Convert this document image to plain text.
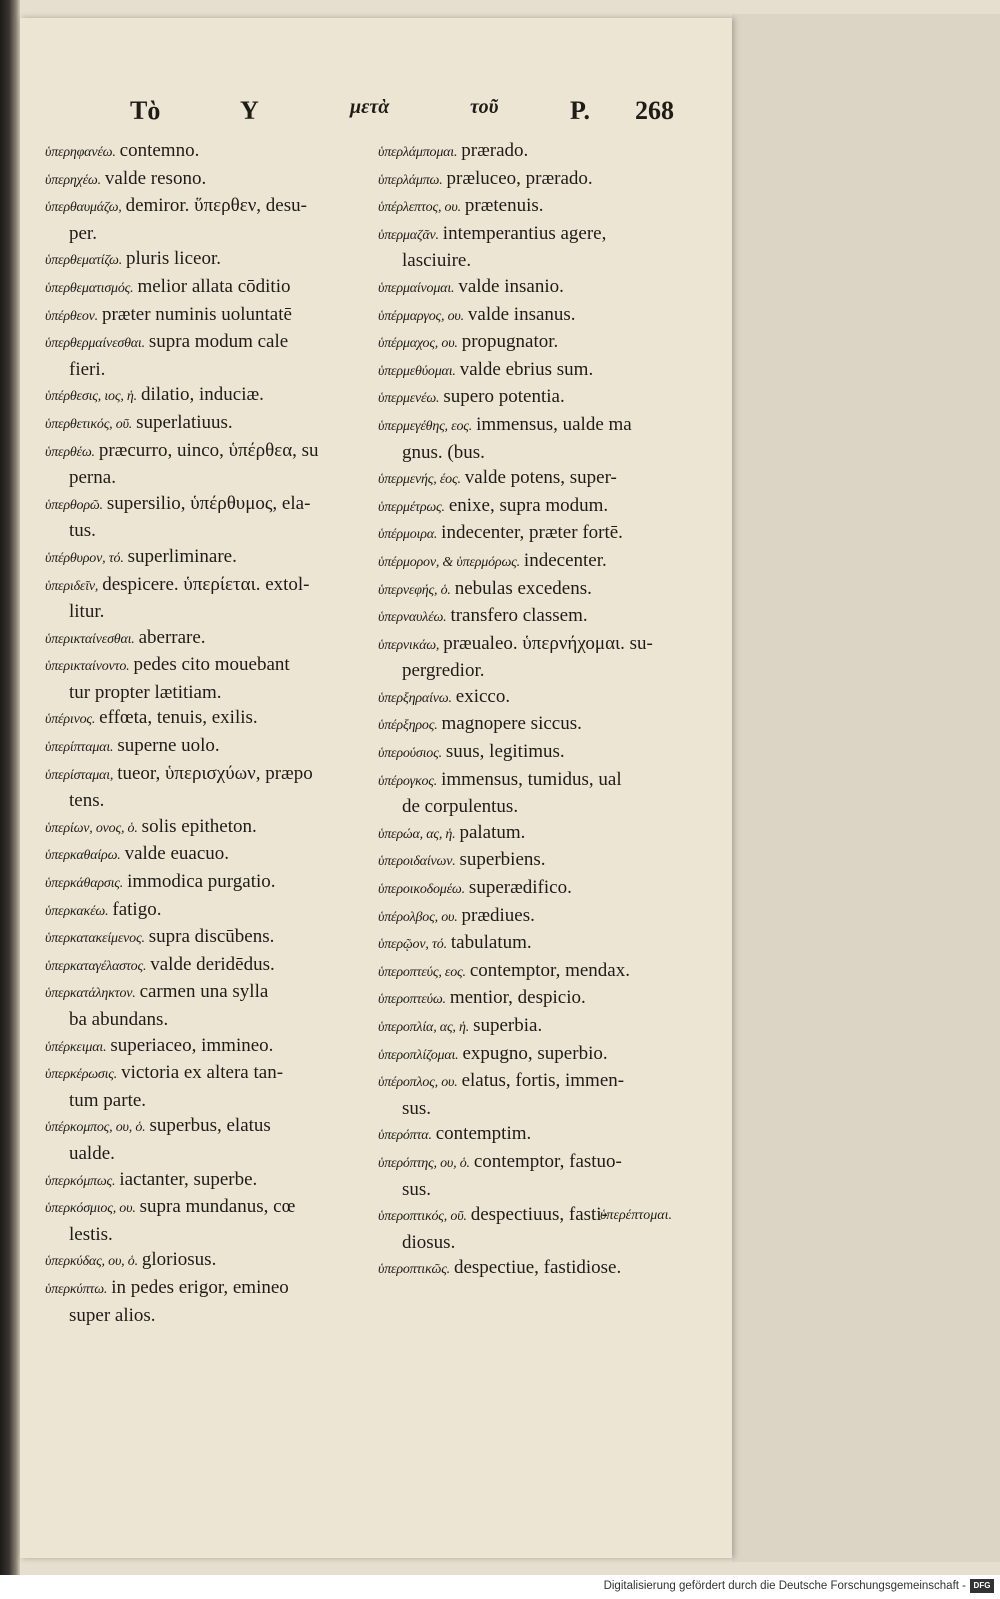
Τὸ	Υ	μετὰ	τοῦ	Ρ. 268
ὑπερηφανέω. contemno.
ὑπερηχέω. valde resono.
ὑπερθαυμάζω, demiror. ὕπερθεν, desu-
per.
ὑπερθεματίζω. pluris liceor.
ὑπερθεματισμός. melior allata cōditio
ὑπέρθεον. præter numinis uoluntatē
ὑπερθερμαίνεσθαι. supra modum cale
fieri.
ὑπέρθεσις, ιος, ἡ. dilatio, induciæ.
ὑπερθετικός, οῦ. superlatiuus.
ὑπερθέω. præcurro, uinco, ὑπέρθεα, su
perna.
ὑπερθορῶ. supersilio, ὑπέρθυμος, ela-
tus.
ὑπέρθυρον, τό. superliminare.
ὑπεριδεῖν, despicere. ὑπερίεται. extol-
litur.
ὑπερικταίνεσθαι. aberrare.
ὑπερικταίνοντο. pedes cito mouebant
tur propter lætitiam.
ὑπέρινος. effœta, tenuis, exilis.
ὑπερίπταμαι. superne uolo.
ὑπερίσταμαι, tueor, ὑπερισχύων, præpo
tens.
ὑπερίων, ονος, ὁ. solis epitheton.
ὑπερκαθαίρω. valde euacuo.
ὑπερκάθαρσις. immodica purgatio.
ὑπερκακέω. fatigo.
ὑπερκατακείμενος. supra discūbens.
ὑπερκαταγέλαστος. valde deridēdus.
ὑπερκατάληκτον. carmen una sylla
ba abundans.
ὑπέρκειμαι. superiaceo, immineo.
ὑπερκέρωσις. victoria ex altera tan-
tum parte.
ὑπέρκομπος, ου, ὁ. superbus, elatus
ualde.
ὑπερκόμπως. iactanter, superbe.
ὑπερκόσμιος, ου. supra mundanus, cœ
lestis.
ὑπερκύδας, ου, ὁ. gloriosus.
ὑπερκύπτω. in pedes erigor, emineo
super alios.
ὑπερλάμπομαι. prærado.
ὑπερλάμπω. præluceo, prærado.
ὑπέρλεπτος, ου. prætenuis.
ὑπερμαζᾶν. intemperantius agere,
lasciuire.
ὑπερμαίνομαι. valde insanio.
ὑπέρμαργος, ου. valde insanus.
ὑπέρμαχος, ου. propugnator.
ὑπερμεθύομαι. valde ebrius sum.
ὑπερμενέω. supero potentia.
ὑπερμεγέθης, εος. immensus, ualde ma
gnus. (bus.
ὑπερμενής, έος. valde potens, super-
ὑπερμέτρως. enixe, supra modum.
ὑπέρμοιρα. indecenter, præter fortē.
ὑπέρμορον, & ὑπερμόρως. indecenter.
ὑπερνεφής, ὁ. nebulas excedens.
ὑπερναυλέω. transfero classem.
ὑπερνικάω, præualeo. ὑπερνήχομαι. su-
pergredior.
ὑπερξηραίνω. exicco.
ὑπέρξηρος. magnopere siccus.
ὑπερούσιος. suus, legitimus.
ὑπέρογκος. immensus, tumidus, ual
de corpulentus.
ὑπερώα, ας, ἡ. palatum.
ὑπεροιδαίνων. superbiens.
ὑπεροικοδομέω. superædifico.
ὑπέρολβος, ου. prædiues.
ὑπερῷον, τό. tabulatum.
ὑπεροπτεύς, εος. contemptor, mendax.
ὑπεροπτεύω. mentior, despicio.
ὑπεροπλία, ας, ἡ. superbia.
ὑπεροπλίζομαι. expugno, superbio.
ὑπέροπλος, ου. elatus, fortis, immen-
sus.
ὑπερόπτα. contemptim.
ὑπερόπτης, ου, ὁ. contemptor, fastuo-
sus.
ὑπεροπτικός, οῦ. despectiuus, fasti-
diosus.
ὑπεροπτικῶς. despectiue, fastidiose.
ὑπερέπτομαι.
Digitalisierung gefördert durch die Deutsche Forschungsgemeinschaft - DFG
